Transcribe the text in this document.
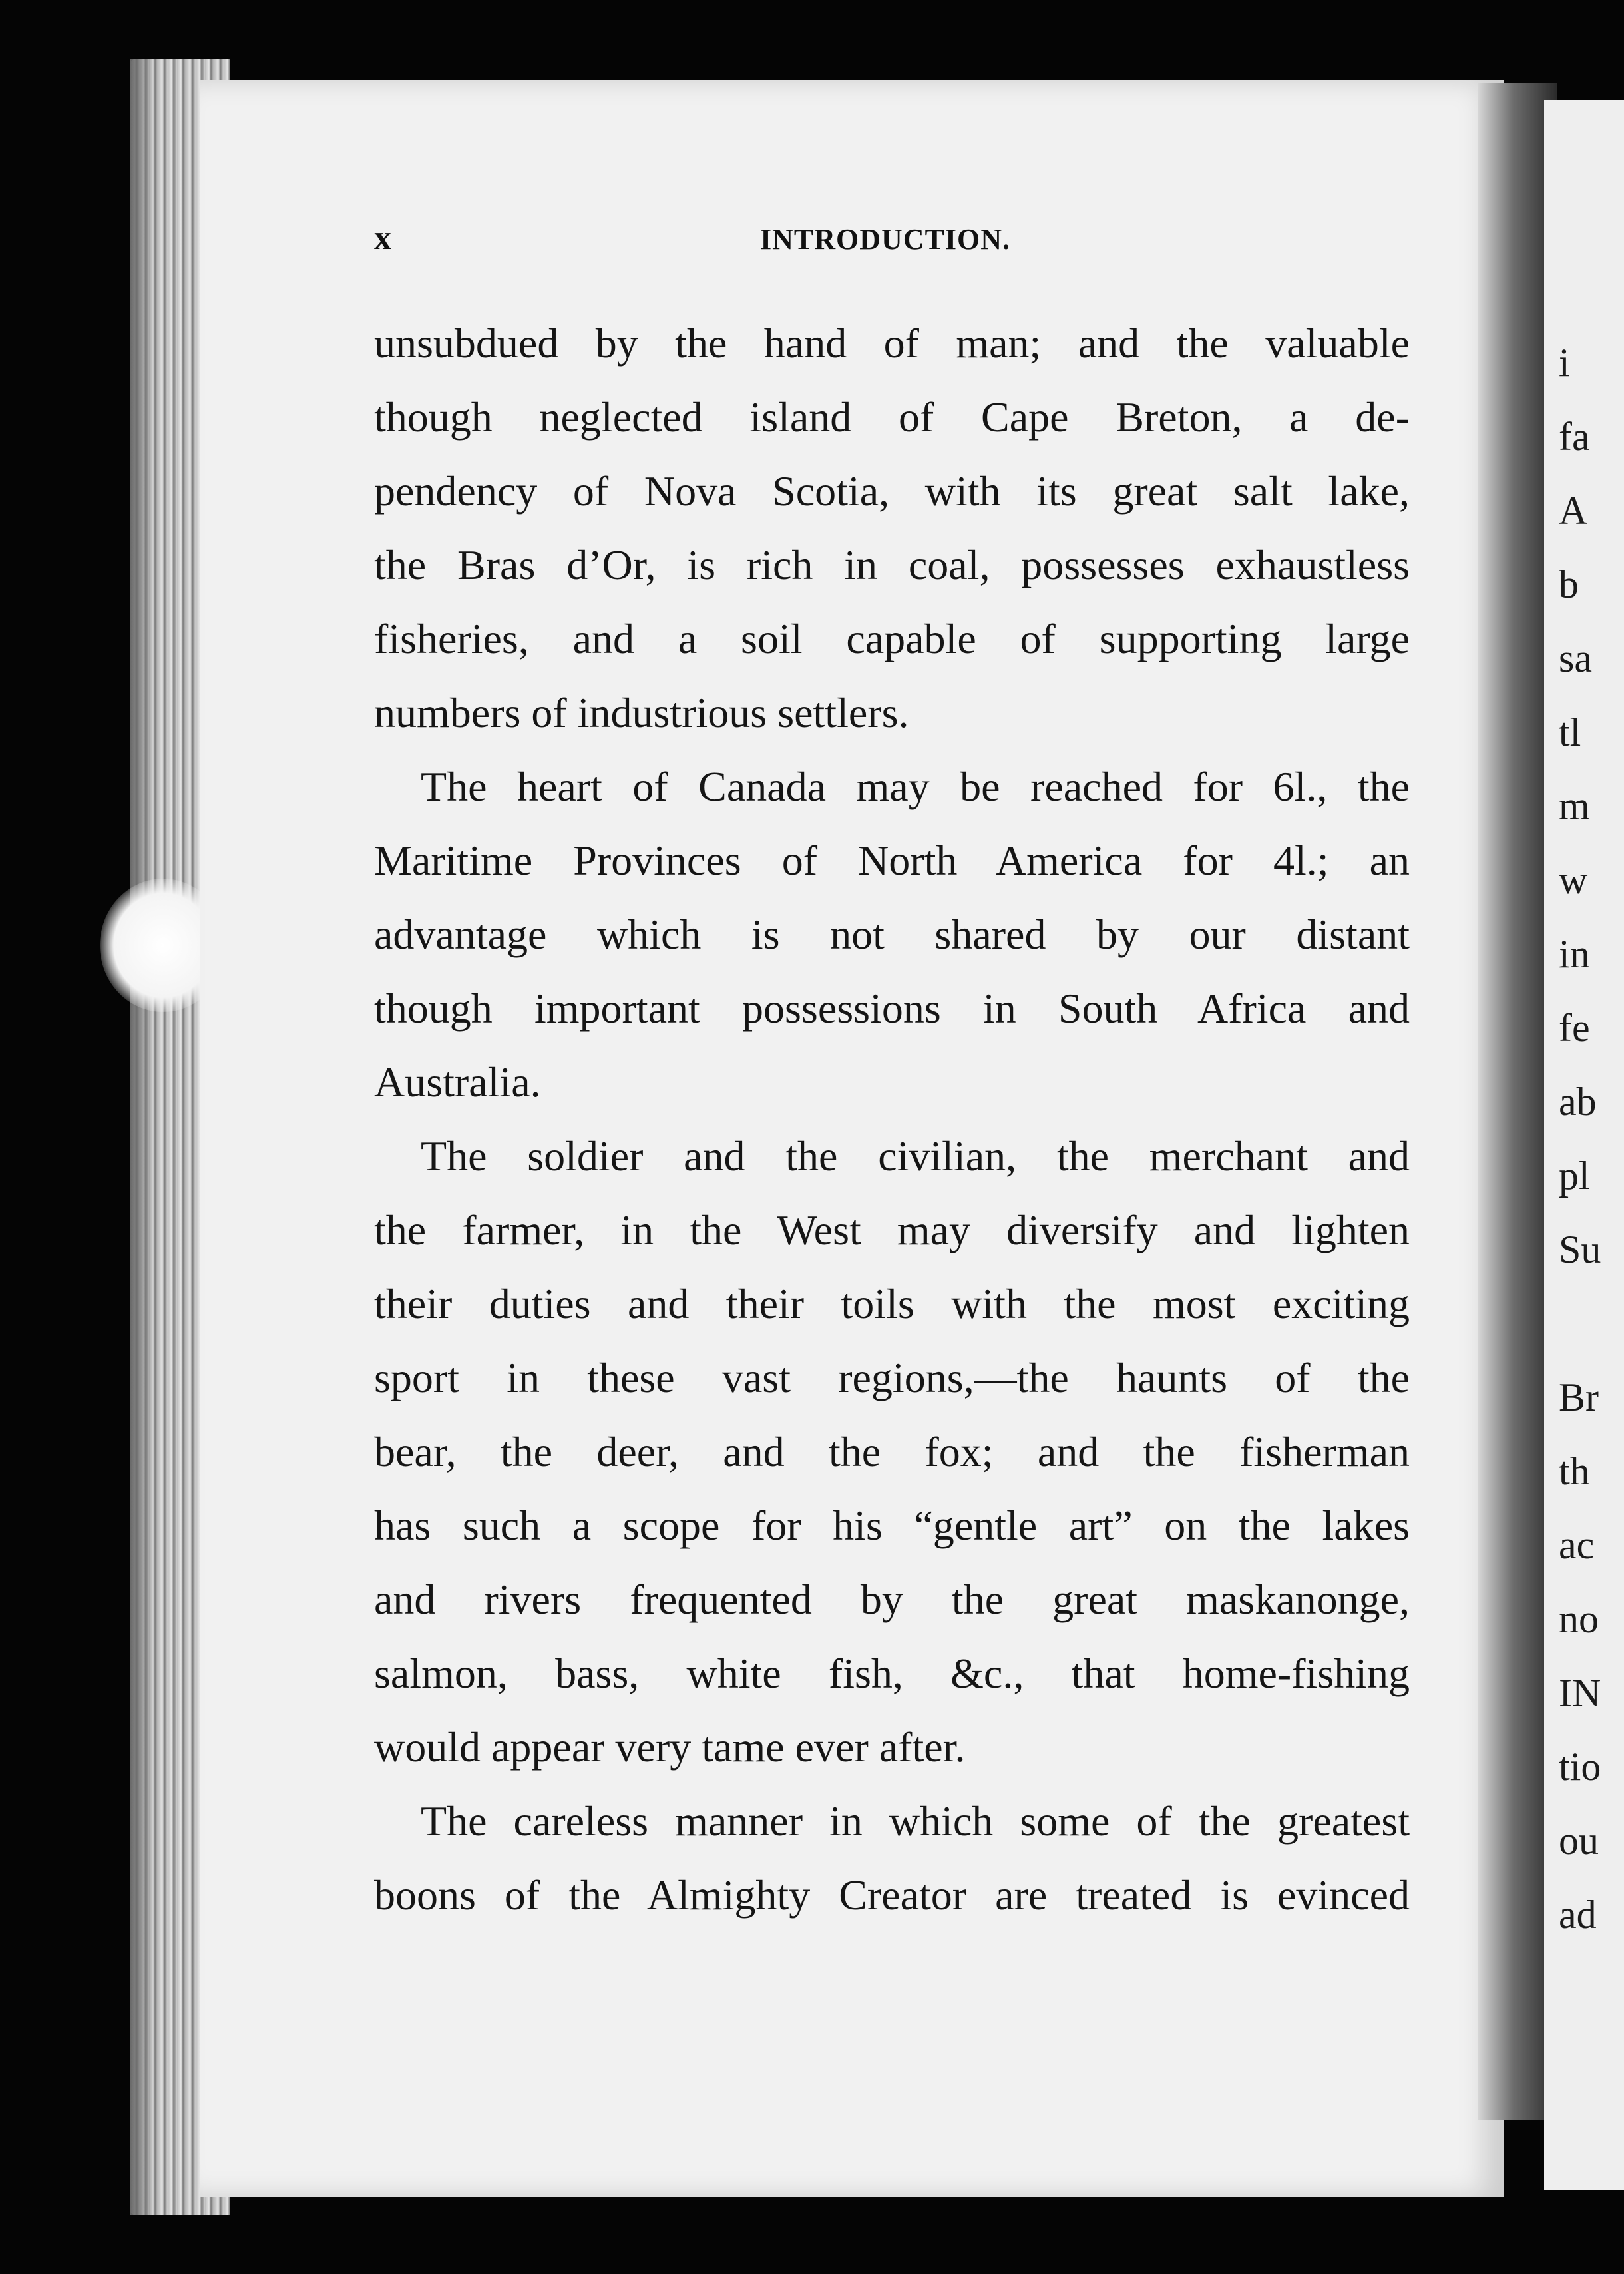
i
fa
A
b
sa
tl
m
w
in
fe
ab
pl
Su
Br
th
ac
no
IN
tio
ou
ad
x	INTRODUCTION.
unsubdued by the hand of man; and the valuable
though neglected island of Cape Breton, a de-
pendency of Nova Scotia, with its great salt lake,
the Bras d’Or, is rich in coal, possesses exhaustless
fisheries, and a soil capable of supporting large
numbers of industrious settlers.
The heart of Canada may be reached for 6l., the
Maritime Provinces of North America for 4l.; an
advantage which is not shared by our distant
though important possessions in South Africa and
Australia.
The soldier and the civilian, the merchant and
the farmer, in the West may diversify and lighten
their duties and their toils with the most exciting
sport in these vast regions,—the haunts of the
bear, the deer, and the fox; and the fisherman
has such a scope for his “gentle art” on the lakes
and rivers frequented by the great maskanonge,
salmon, bass, white fish, &c., that home-fishing
would appear very tame ever after.
The careless manner in which some of the greatest
boons of the Almighty Creator are treated is evinced
